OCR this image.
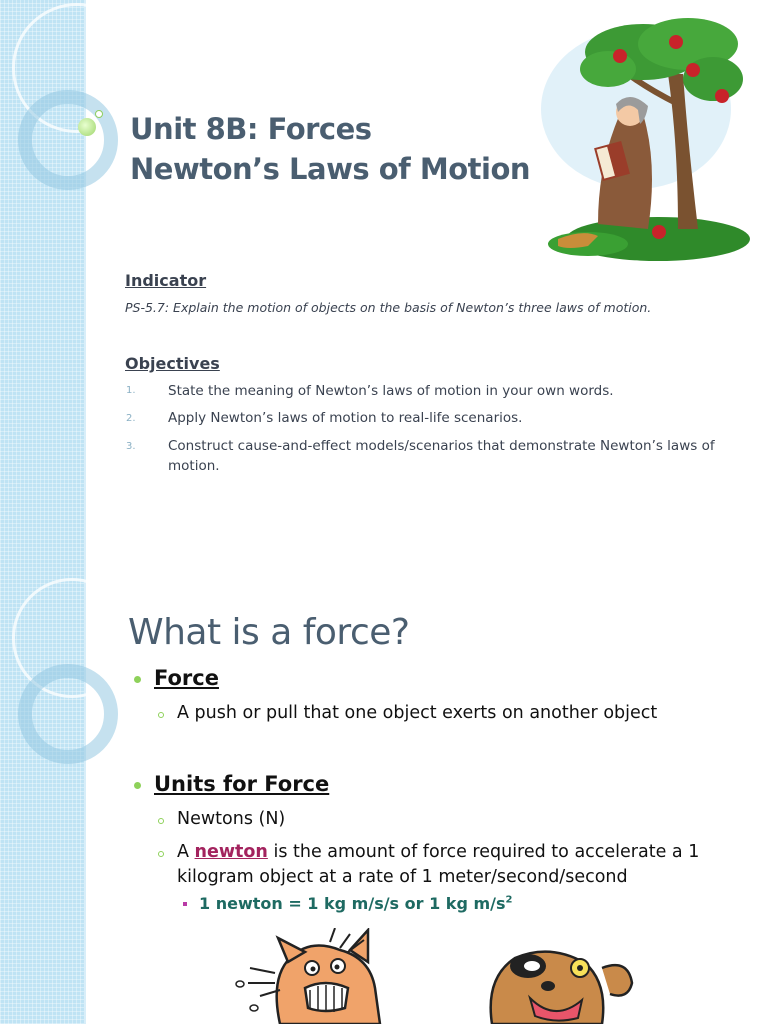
Unit 8B: Forces
Newton’s Laws of Motion
Indicator
PS-5.7: Explain the motion of objects on the basis of Newton’s three laws of motion.
Objectives
1. State the meaning of Newton’s laws of motion in your own words.
2. Apply Newton’s laws of motion to real-life scenarios.
3. Construct cause-and-effect models/scenarios that demonstrate Newton’s laws of motion.
What is a force?
Force
A push or pull that one object exerts on another object
Units for Force
Newtons (N)
A newton is the amount of force required to accelerate a 1
kilogram object at a rate of 1 meter/second/second
1 newton = 1 kg m/s/s or 1 kg $m/s^2$
